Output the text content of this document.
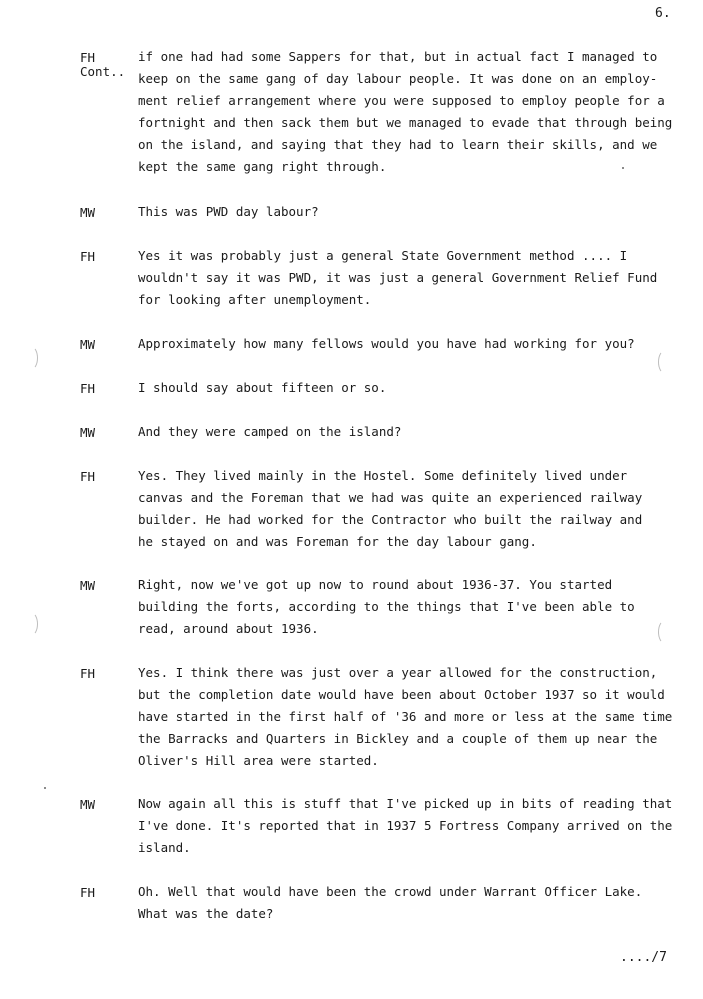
6.
FH
Cont..
if one had had some Sappers for that, but in actual fact I managed to
keep on the same gang of day labour people. It was done on an employ-
ment relief arrangement where you were supposed to employ people for a
fortnight and then sack them but we managed to evade that through being
on the island, and saying that they had to learn their skills, and we
kept the same gang right through.
MW	This was PWD day labour?
FH	Yes it was probably just a general State Government method .... I
wouldn't say it was PWD, it was just a general Government Relief Fund
for looking after unemployment.
MW	Approximately how many fellows would you have had working for you?
FH	I should say about fifteen or so.
MW	And they were camped on the island?
FH	Yes. They lived mainly in the Hostel. Some definitely lived under
canvas and the Foreman that we had was quite an experienced railway
builder. He had worked for the Contractor who built the railway and
he stayed on and was Foreman for the day labour gang.
MW	Right, now we've got up now to round about 1936-37. You started
building the forts, according to the things that I've been able to
read, around about 1936.
FH	Yes. I think there was just over a year allowed for the construction,
but the completion date would have been about October 1937 so it would
have started in the first half of '36 and more or less at the same time
the Barracks and Quarters in Bickley and a couple of them up near the
Oliver's Hill area were started.
MW	Now again all this is stuff that I've picked up in bits of reading that
I've done. It's reported that in 1937 5 Fortress Company arrived on the
island.
FH	Oh. Well that would have been the crowd under Warrant Officer Lake.
What was the date?
..../7
